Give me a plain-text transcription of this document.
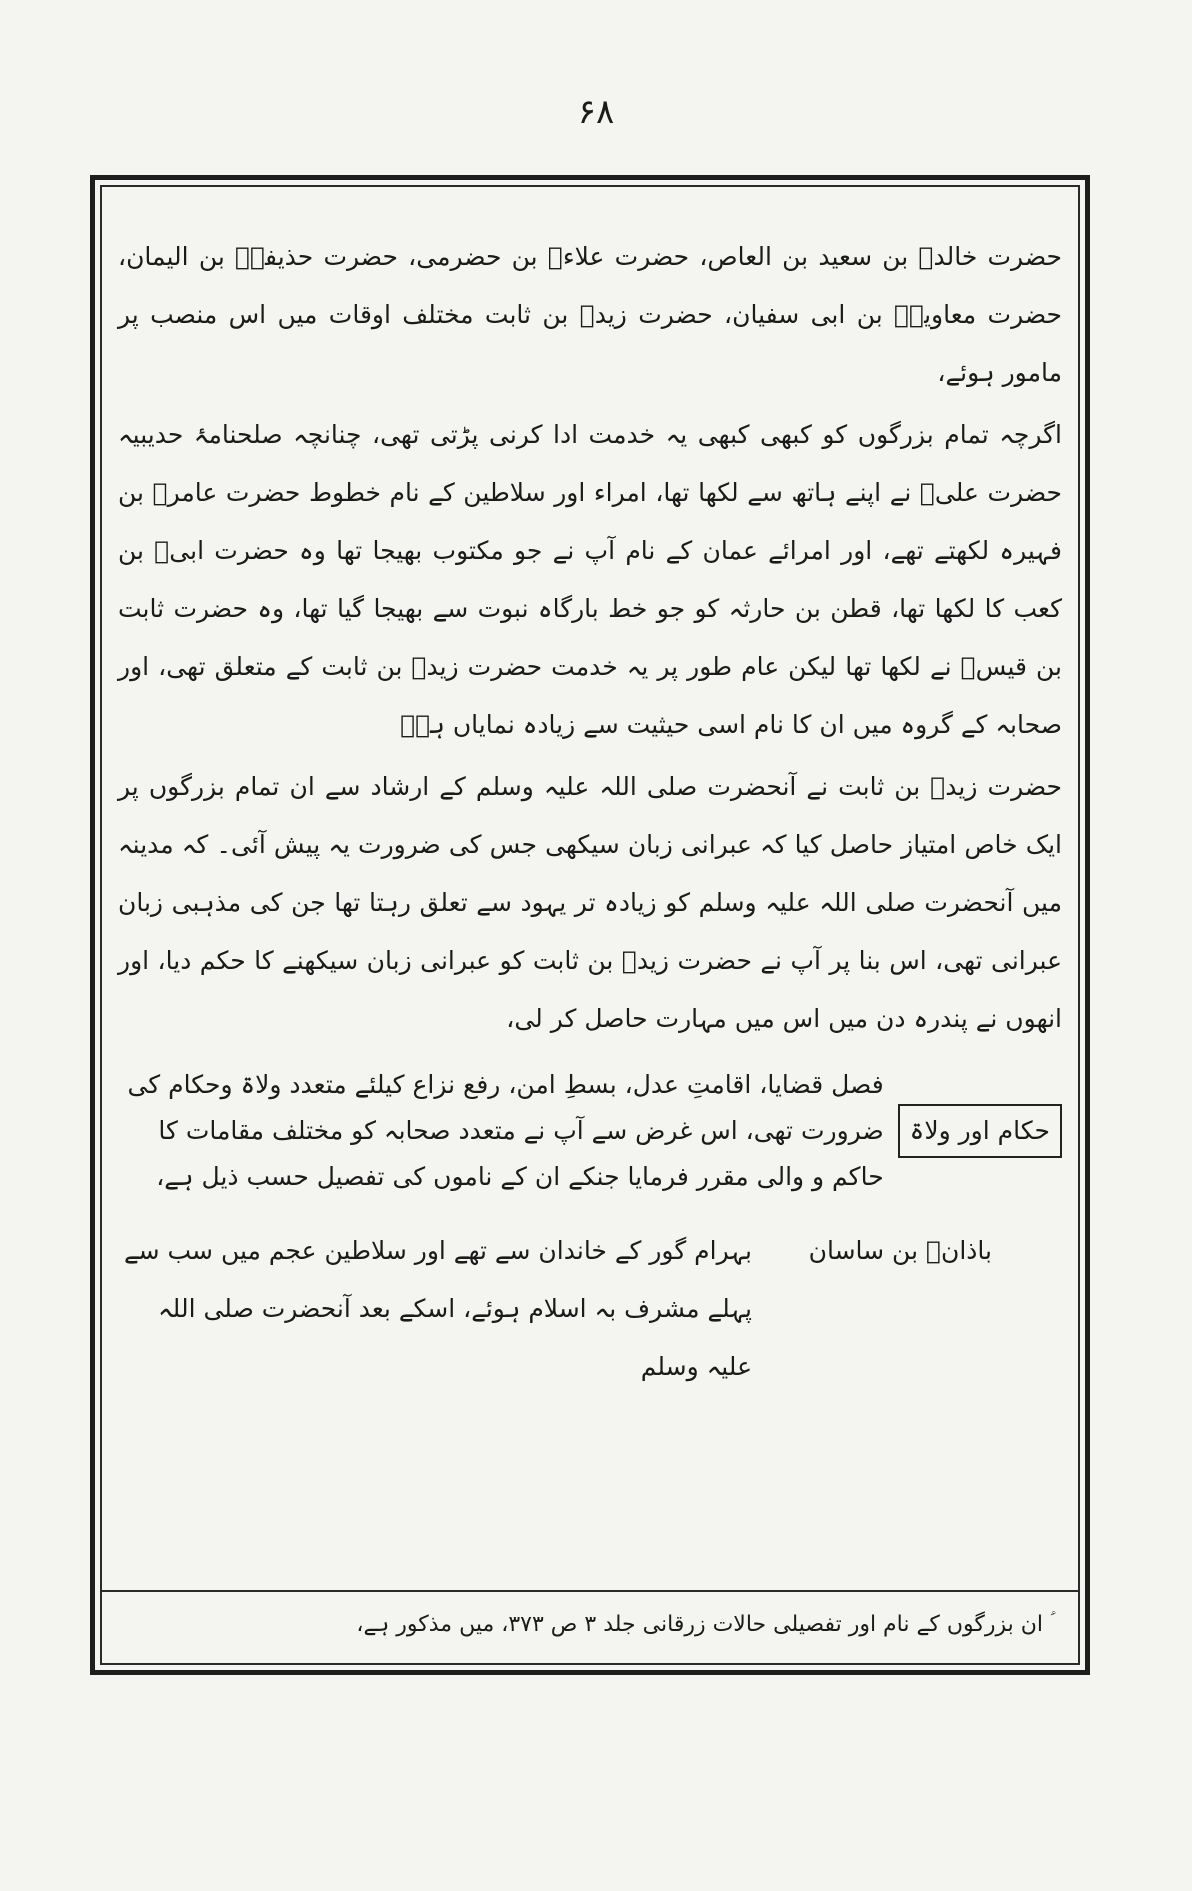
۶۸

حضرت خالدؓ بن سعید بن العاص، حضرت علاءؓ بن حضرمی، حضرت حذیفہؓ بن الیمان، حضرت معاویہؓ بن ابی سفیان، حضرت زیدؓ بن ثابت مختلف اوقات میں اس منصب پر مامور ہوئے،

اگرچہ تمام بزرگوں کو کبھی کبھی یہ خدمت ادا کرنی پڑتی تھی، چنانچہ صلحنامۂ حدیبیہ حضرت علیؓ نے اپنے ہاتھ سے لکھا تھا، امراء اور سلاطین کے نام خطوط حضرت عامرؓ بن فہیرہ لکھتے تھے، اور امرائے عمان کے نام آپ نے جو مکتوب بھیجا تھا وہ حضرت ابیؓ بن کعب کا لکھا تھا، قطن بن حارثہ کو جو خط بارگاہ نبوت سے بھیجا گیا تھا، وہ حضرت ثابت بن قیسؓ نے لکھا تھا لیکن عام طور پر یہ خدمت حضرت زیدؓ بن ثابت کے متعلق تھی، اور صحابہ کے گروہ میں ان کا نام اسی حیثیت سے زیادہ نمایاں ہےؑ

حضرت زیدؓ بن ثابت نے آنحضرت صلی اللہ علیہ وسلم کے ارشاد سے ان تمام بزرگوں پر ایک خاص امتیاز حاصل کیا کہ عبرانی زبان سیکھی جس کی ضرورت یہ پیش آئی۔ کہ مدینہ میں آنحضرت صلی اللہ علیہ وسلم کو زیادہ تر یہود سے تعلق رہتا تھا جن کی مذہبی زبان عبرانی تھی، اس بنا پر آپ نے حضرت زیدؓ بن ثابت کو عبرانی زبان سیکھنے کا حکم دیا، اور انھوں نے پندرہ دن میں اس میں مہارت حاصل کر لی،

حکام اور ولاۃ
فصل قضایا، اقامتِ عدل، بسطِ امن، رفع نزاع کیلئے متعدد ولاۃ وحکام کی ضرورت تھی، اس غرض سے آپ نے متعدد صحابہ کو مختلف مقامات کا حاکم و والی مقرر فرمایا جنکے ان کے ناموں کی تفصیل حسب ذیل ہے،
باذانؓ بن ساسان
بہرام گور کے خاندان سے تھے اور سلاطین عجم میں سب سے پہلے مشرف بہ اسلام ہوئے، اسکے بعد آنحضرت صلی اللہ علیہ وسلم
ؑ ان بزرگوں کے نام اور تفصیلی حالات زرقانی جلد ۳ ص ۳۷۳، میں مذکور ہے،
